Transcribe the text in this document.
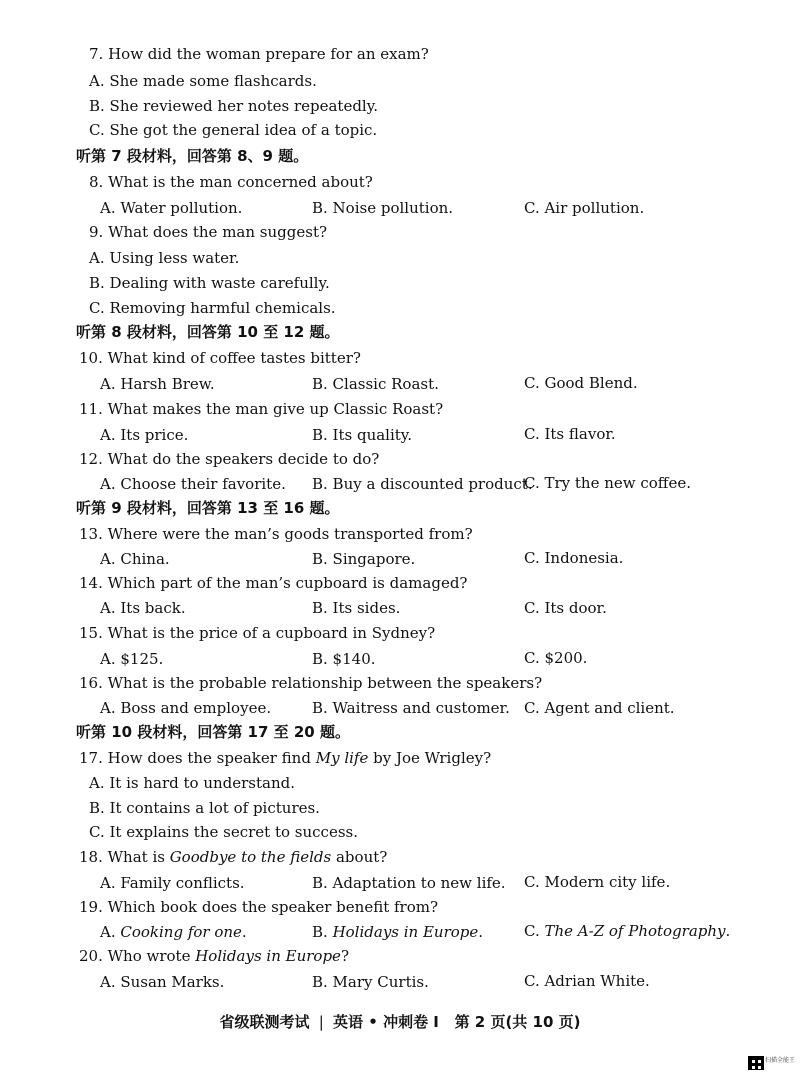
7. How did the woman prepare for an exam?
A. She made some flashcards.
B. She reviewed her notes repeatedly.
C. She got the general idea of a topic.
听第 7 段材料，回答第 8、9 题。
8. What is the man concerned about?
A. Water pollution.	B. Noise pollution.	C. Air pollution.
9. What does the man suggest?
A. Using less water.
B. Dealing with waste carefully.
C. Removing harmful chemicals.
听第 8 段材料，回答第 10 至 12 题。
10. What kind of coffee tastes bitter?
A. Harsh Brew.	B. Classic Roast.	C. Good Blend.
11. What makes the man give up Classic Roast?
A. Its price.	B. Its quality.	C. Its flavor.
12. What do the speakers decide to do?
A. Choose their favorite. B. Buy a discounted product.
C. Try the new coffee.
听第 9 段材料，回答第 13 至 16 题。
13. Where were the man’s goods transported from?
A. China.	B. Singapore.	C. Indonesia.
14. Which part of the man’s cupboard is damaged?
A. Its back.	B. Its sides.	C. Its door.
15. What is the price of a cupboard in Sydney?
A. $125.	B. $140.	C. $200.
16. What is the probable relationship between the speakers?
A. Boss and employee.	B. Waitress and customer. C. Agent and client.
听第 10 段材料，回答第 17 至 20 题。
17. How does the speaker find My life by Joe Wrigley?
A. It is hard to understand.
B. It contains a lot of pictures.
C. It explains the secret to success.
18. What is Goodbye to the fields about?
A. Family conflicts.	B. Adaptation to new life. C. Modern city life.
19. Which book does the speaker benefit from?
A. Cooking for one.	B. Holidays in Europe.	C. The A-Z of Photography.
20. Who wrote Holidays in Europe?
A. Susan Marks.	B. Mary Curtis.	C. Adrian White.
省级联测考试 | 英语 • 冲刺卷 Ⅰ 第 2 页(共 10 页)
扫描全能王
